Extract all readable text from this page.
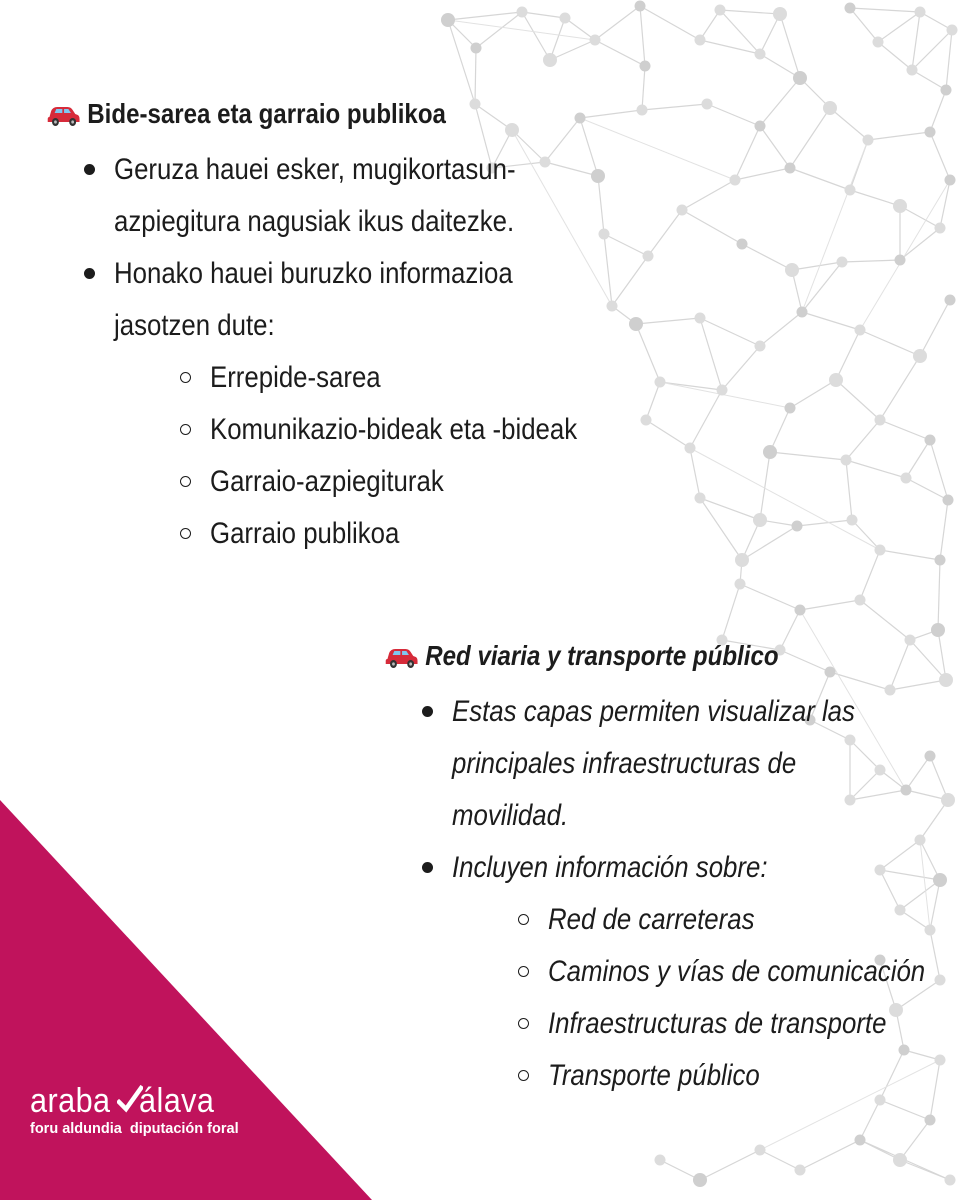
Bide-sarea eta garraio publikoa
Geruza hauei esker, mugikortasun-
azpiegitura nagusiak ikus daitezke.
Honako hauei buruzko informazioa
jasotzen dute:
Errepide-sarea
Komunikazio-bideak eta -bideak
Garraio-azpiegiturak
Garraio publikoa
Red viaria y transporte público
Estas capas permiten visualizar las
principales infraestructuras de
movilidad.
Incluyen información sobre:
Red de carreteras
Caminos y vías de comunicación
Infraestructuras de transporte
Transporte público
araba álava
foru aldundia diputación foral
